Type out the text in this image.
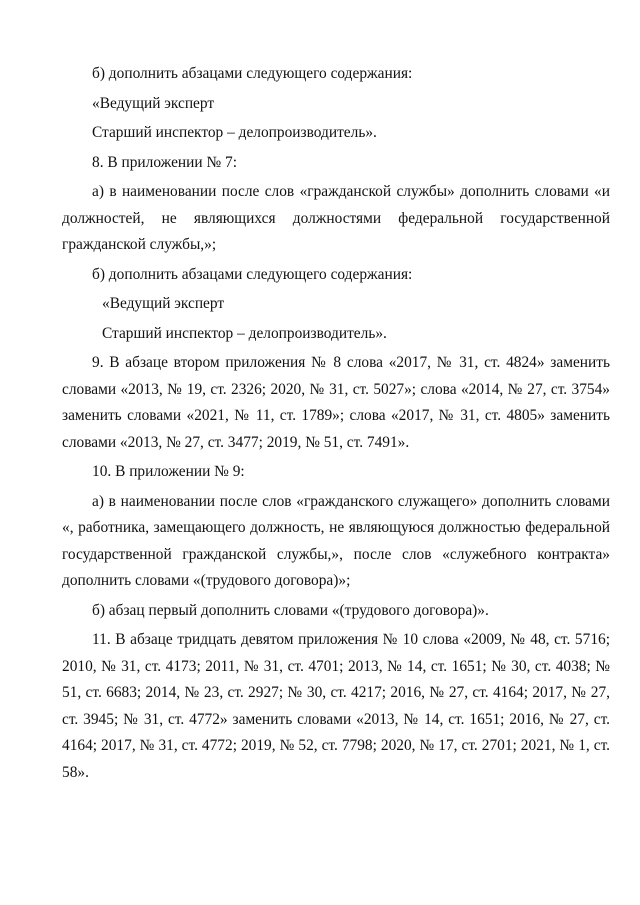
б) дополнить абзацами следующего содержания:

«Ведущий эксперт

Старший инспектор – делопроизводитель».

8. В приложении № 7:

а) в наименовании после слов «гражданской службы» дополнить словами «и должностей, не являющихся должностями федеральной государственной гражданской службы,»;

б) дополнить абзацами следующего содержания:

«Ведущий эксперт

Старший инспектор – делопроизводитель».

9. В абзаце втором приложения № 8 слова «2017, № 31, ст. 4824» заменить словами «2013, № 19, ст. 2326; 2020, № 31, ст. 5027»; слова «2014, № 27, ст. 3754» заменить словами «2021, № 11, ст. 1789»; слова «2017, № 31, ст. 4805» заменить словами «2013, № 27, ст. 3477; 2019, № 51, ст. 7491».

10. В приложении № 9:

а) в наименовании после слов «гражданского служащего» дополнить словами «, работника, замещающего должность, не являющуюся должностью федеральной государственной гражданской службы,», после слов «служебного контракта» дополнить словами «(трудового договора)»;

б) абзац первый дополнить словами «(трудового договора)».

11. В абзаце тридцать девятом приложения № 10 слова «2009, № 48, ст. 5716; 2010, № 31, ст. 4173; 2011, № 31, ст. 4701; 2013, № 14, ст. 1651; № 30, ст. 4038; № 51, ст. 6683; 2014, № 23, ст. 2927; № 30, ст. 4217; 2016, № 27, ст. 4164; 2017, № 27, ст. 3945; № 31, ст. 4772» заменить словами «2013, № 14, ст. 1651; 2016, № 27, ст. 4164; 2017, № 31, ст. 4772; 2019, № 52, ст. 7798; 2020, № 17, ст. 2701; 2021, № 1, ст. 58».
